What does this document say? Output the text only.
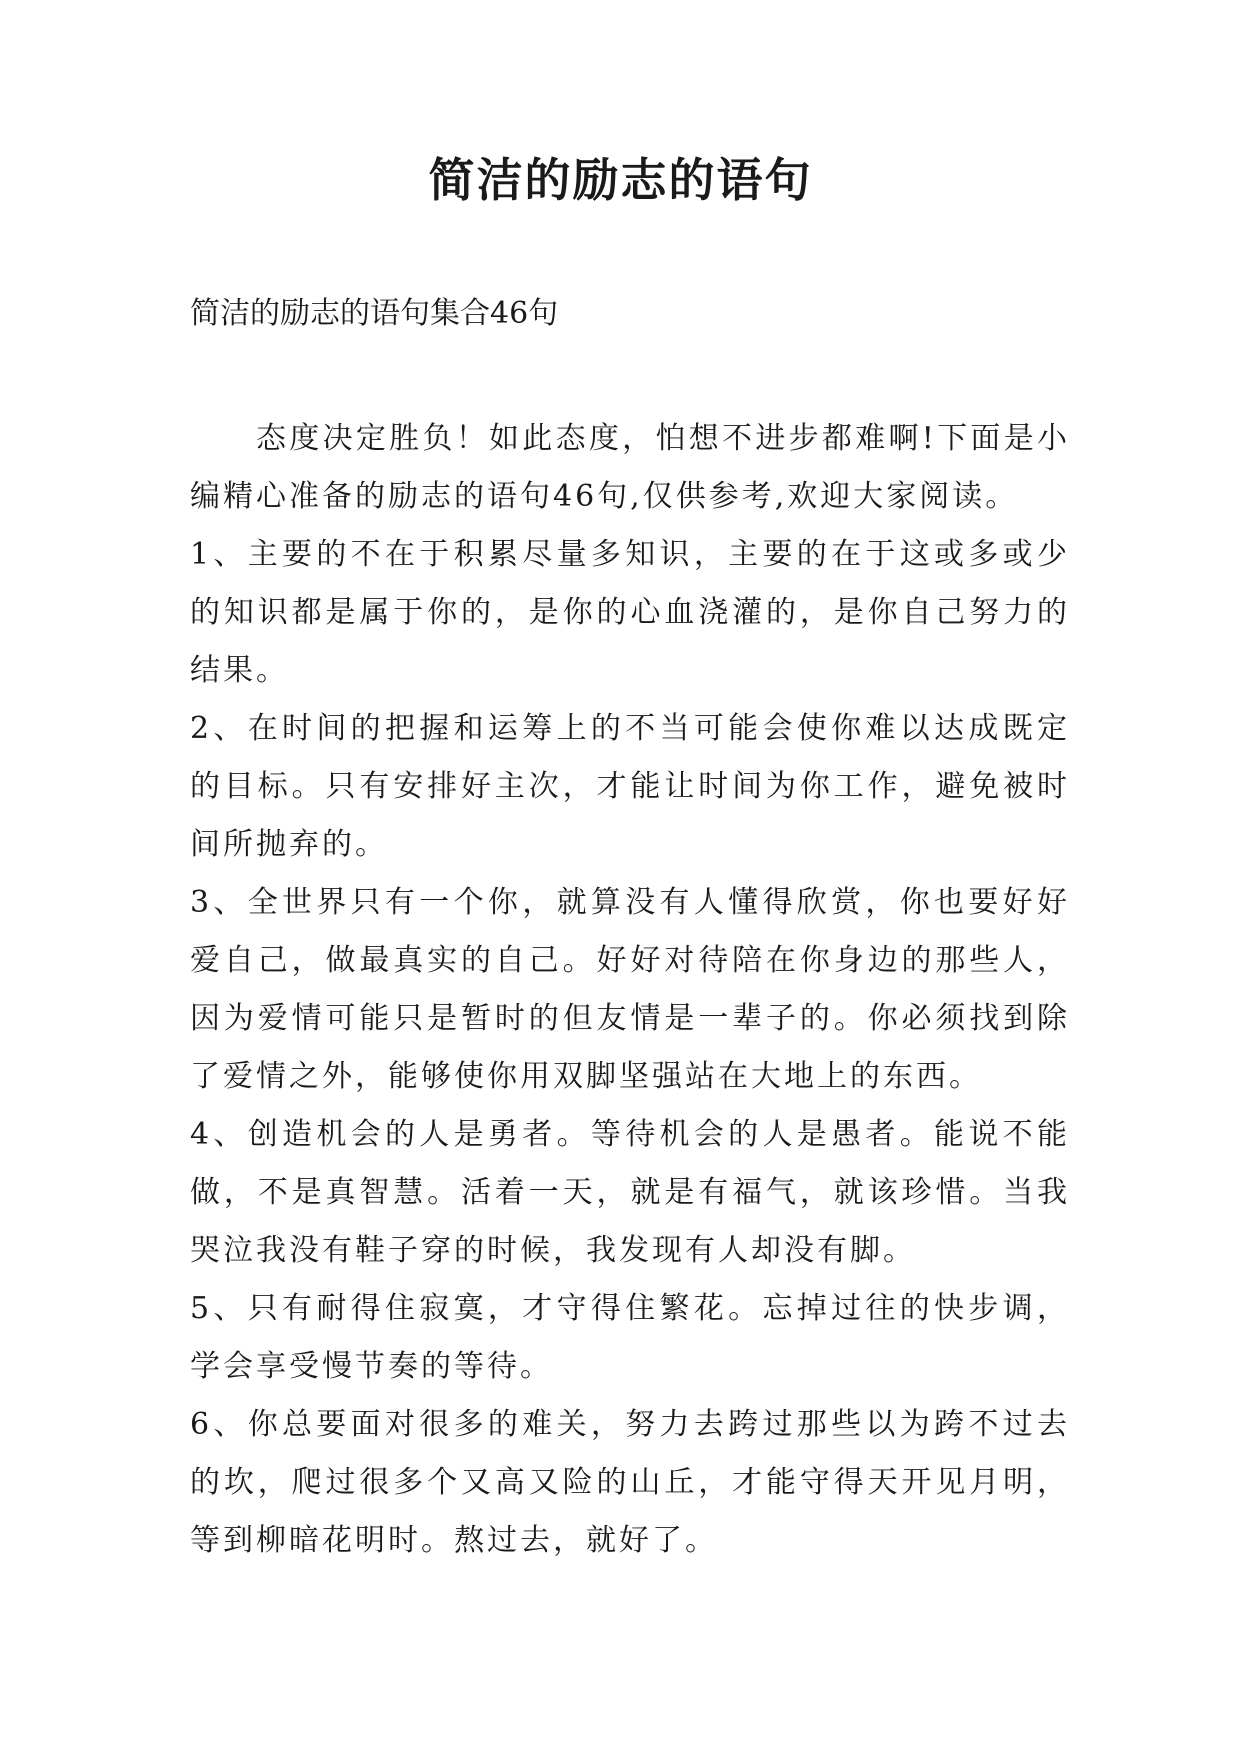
简洁的励志的语句

简洁的励志的语句集合46句

态度决定胜负！如此态度，怕想不进步都难啊!下面是小编精心准备的励志的语句46句,仅供参考,欢迎大家阅读。

1、主要的不在于积累尽量多知识，主要的在于这或多或少的知识都是属于你的，是你的心血浇灌的，是你自己努力的结果。

2、在时间的把握和运筹上的不当可能会使你难以达成既定的目标。只有安排好主次，才能让时间为你工作，避免被时间所抛弃的。

3、全世界只有一个你，就算没有人懂得欣赏，你也要好好爱自己，做最真实的自己。好好对待陪在你身边的那些人，因为爱情可能只是暂时的但友情是一辈子的。你必须找到除了爱情之外，能够使你用双脚坚强站在大地上的东西。

4、创造机会的人是勇者。等待机会的人是愚者。能说不能做，不是真智慧。活着一天，就是有福气，就该珍惜。当我哭泣我没有鞋子穿的时候，我发现有人却没有脚。

5、只有耐得住寂寞，才守得住繁花。忘掉过往的快步调，学会享受慢节奏的等待。

6、你总要面对很多的难关，努力去跨过那些以为跨不过去的坎，爬过很多个又高又险的山丘，才能守得天开见月明，等到柳暗花明时。熬过去，就好了。
